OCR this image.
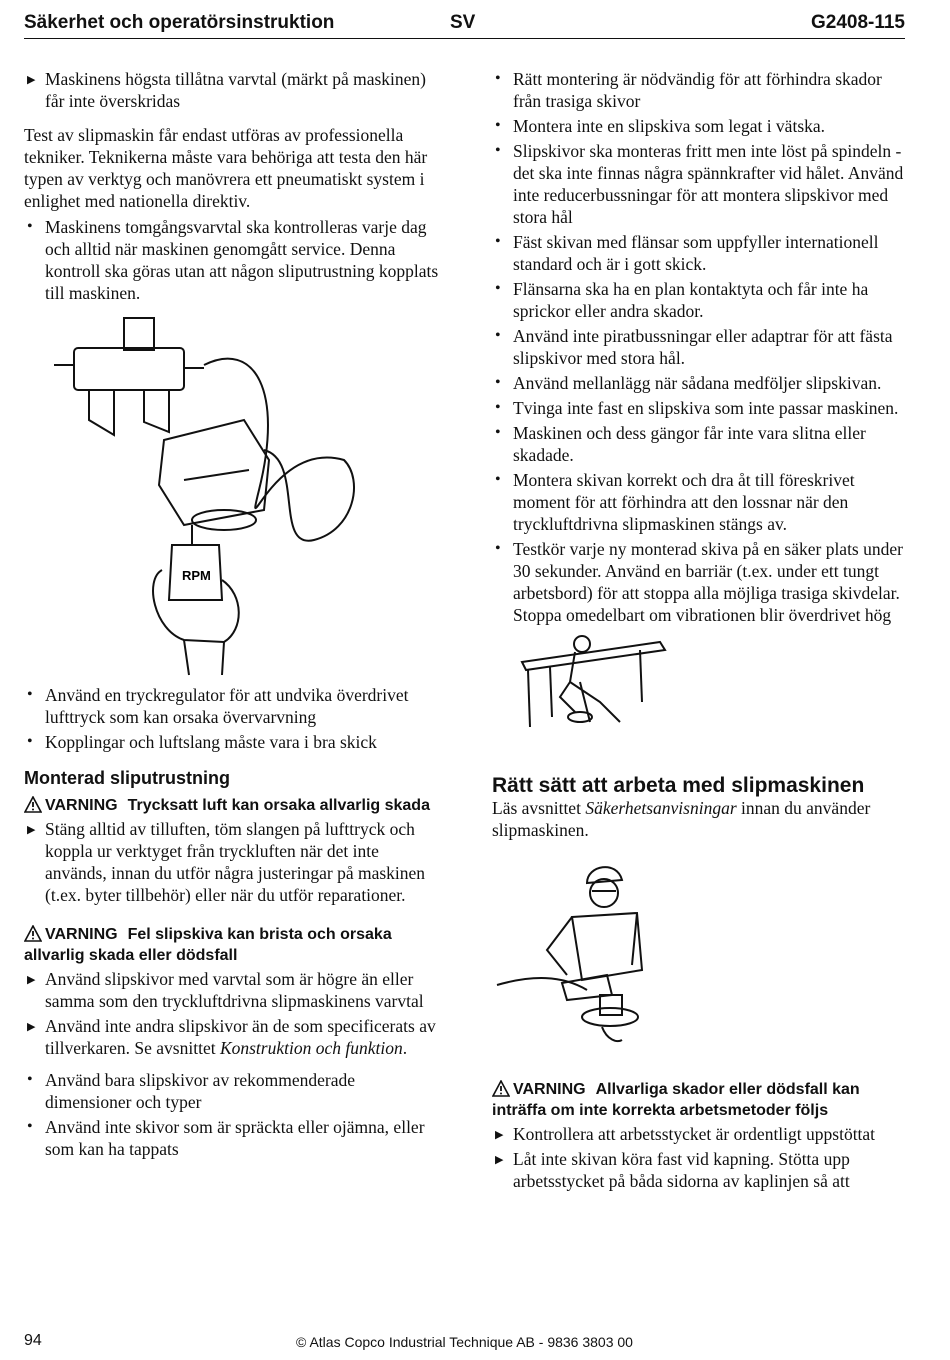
Säkerhet och operatörsinstruktion	SV	G2408-115
▶ Maskinens högsta tillåtna varvtal (märkt på maskinen) får inte överskridas

Test av slipmaskin får endast utföras av professionella tekniker. Teknikerna måste vara behöriga att testa den här typen av verktyg och manövrera ett pneumatiskt system i enlighet med nationella direktiv.

• Maskinens tomgångsvarvtal ska kontrolleras varje dag och alltid när maskinen genomgått service. Denna kontroll ska göras utan att någon sliputrustning kopplats till maskinen.
RPM
• Använd en tryckregulator för att undvika överdrivet lufttryck som kan orsaka övervarvning
• Kopplingar och luftslang måste vara i bra skick

Monterad sliputrustning

VARNING Trycksatt luft kan orsaka allvarlig skada
▶ Stäng alltid av tilluften, töm slangen på lufttryck och koppla ur verktyget från tryckluften när det inte används, innan du utför några justeringar på maskinen (t.ex. byter tillbehör) eller när du utför reparationer.
VARNING Fel slipskiva kan brista och orsaka allvarlig skada eller dödsfall
▶ Använd slipskivor med varvtal som är högre än eller samma som den tryckluftdrivna slipmaskinens varvtal
▶ Använd inte andra slipskivor än de som specificerats av tillverkaren. Se avsnittet Konstruktion och funktion.
• Använd bara slipskivor av rekommenderade dimensioner och typer
• Använd inte skivor som är spräckta eller ojämna, eller som kan ha tappats
• Rätt montering är nödvändig för att förhindra skador från trasiga skivor
• Montera inte en slipskiva som legat i vätska.
• Slipskivor ska monteras fritt men inte löst på spindeln - det ska inte finnas några spännkrafter vid hålet. Använd inte reducerbussningar för att montera slipskivor med stora hål
• Fäst skivan med flänsar som uppfyller internationell standard och är i gott skick.
• Flänsarna ska ha en plan kontaktyta och får inte ha sprickor eller andra skador.
• Använd inte piratbussningar eller adaptrar för att fästa slipskivor med stora hål.
• Använd mellanlägg när sådana medföljer slipskivan.
• Tvinga inte fast en slipskiva som inte passar maskinen.
• Maskinen och dess gängor får inte vara slitna eller skadade.
• Montera skivan korrekt och dra åt till föreskrivet moment för att förhindra att den lossnar när den tryckluftdrivna slipmaskinen stängs av.
• Testkör varje ny monterad skiva på en säker plats under 30 sekunder. Använd en barriär (t.ex. under ett tungt arbetsbord) för att stoppa alla möjliga trasiga skivdelar. Stoppa omedelbart om vibrationen blir överdrivet hög

Rätt sätt att arbeta med slipmaskinen

Läs avsnittet Säkerhetsanvisningar innan du använder slipmaskinen.

VARNING Allvarliga skador eller dödsfall kan inträffa om inte korrekta arbetsmetoder följs
▶ Kontrollera att arbetsstycket är ordentligt uppstöttat
▶ Låt inte skivan köra fast vid kapning. Stötta upp arbetsstycket på båda sidorna av kaplinjen så att
© Atlas Copco Industrial Technique AB - 9836 3803 00
94
